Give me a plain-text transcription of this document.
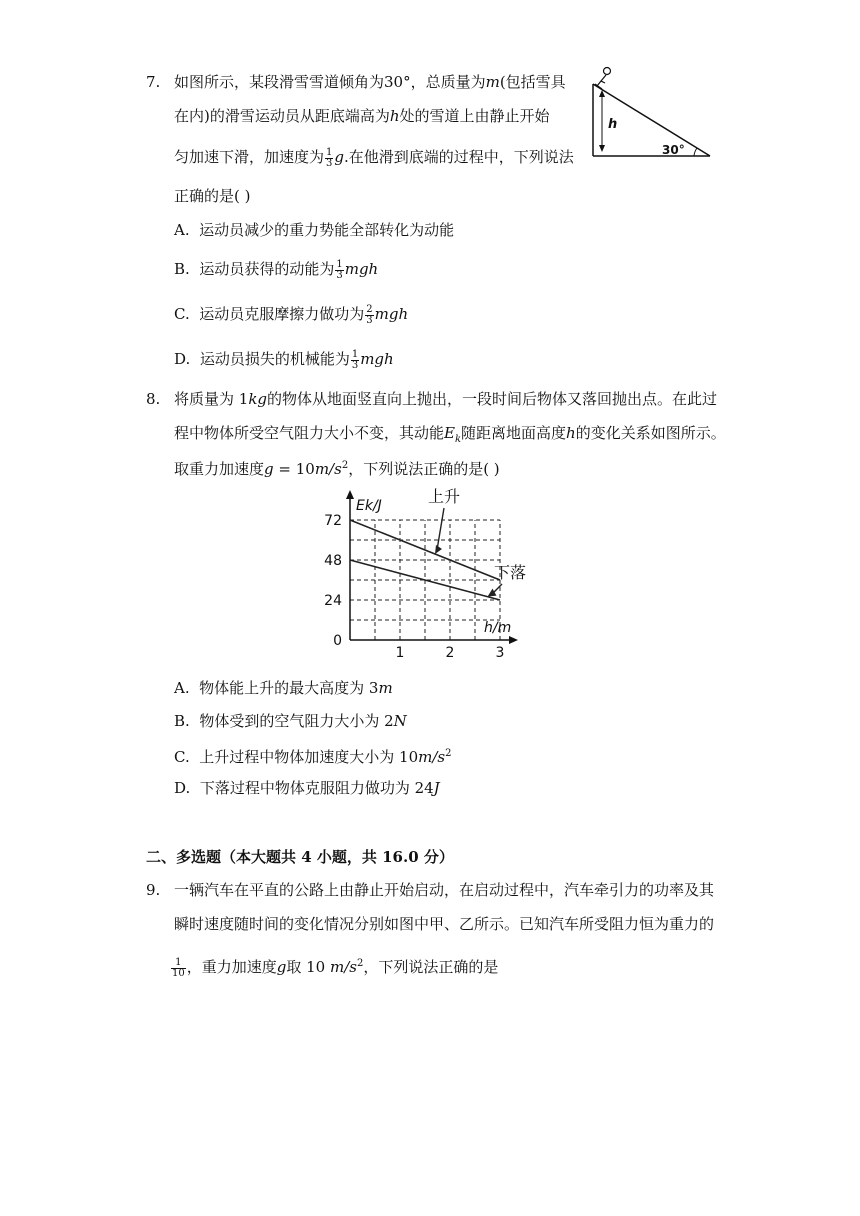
7. 如图所示，某段滑雪雪道倾角为30°，总质量为m(包括雪具
在内)的滑雪运动员从距底端高为h处的雪道上由静止开始
匀加速下滑，加速度为 $\frac{1}{3} g$.在他滑到底端的过程中，下列说法
正确的是( )
h
30°
A. 运动员减少的重力势能全部转化为动能
B. 运动员获得的动能为 $\frac{1}{3}$ mgh
C. 运动员克服摩擦力做功为 $\frac{2}{3}$ mgh
D. 运动员损失的机械能为 $\frac{1}{3}$ mgh
8. 将质量为 1kg的物体从地面竖直向上抛出，一段时间后物体又落回抛出点。在此过
程中物体所受空气阻力大小不变，其动能$E_k$随距离地面高度h的变化关系如图所示。
取重力加速度$g = 10m/s^2$，下列说法正确的是( )
Ek/J
h/m
72
48
24
0
1	2	3
上升
下落
A. 物体能上升的最大高度为 3m
B. 物体受到的空气阻力大小为 2N
C. 上升过程中物体加速度大小为 $10m/s^2$
D. 下落过程中物体克服阻力做功为 24J
二、多选题（本大题共 4 小题，共 16.0 分）
9. 一辆汽车在平直的公路上由静止开始启动，在启动过程中，汽车牵引力的功率及其
瞬时速度随时间的变化情况分别如图中甲、乙所示。已知汽车所受阻力恒为重力的
$\frac{1}{10}$ ，重力加速度g取 10 $m/s^2$，下列说法正确的是
